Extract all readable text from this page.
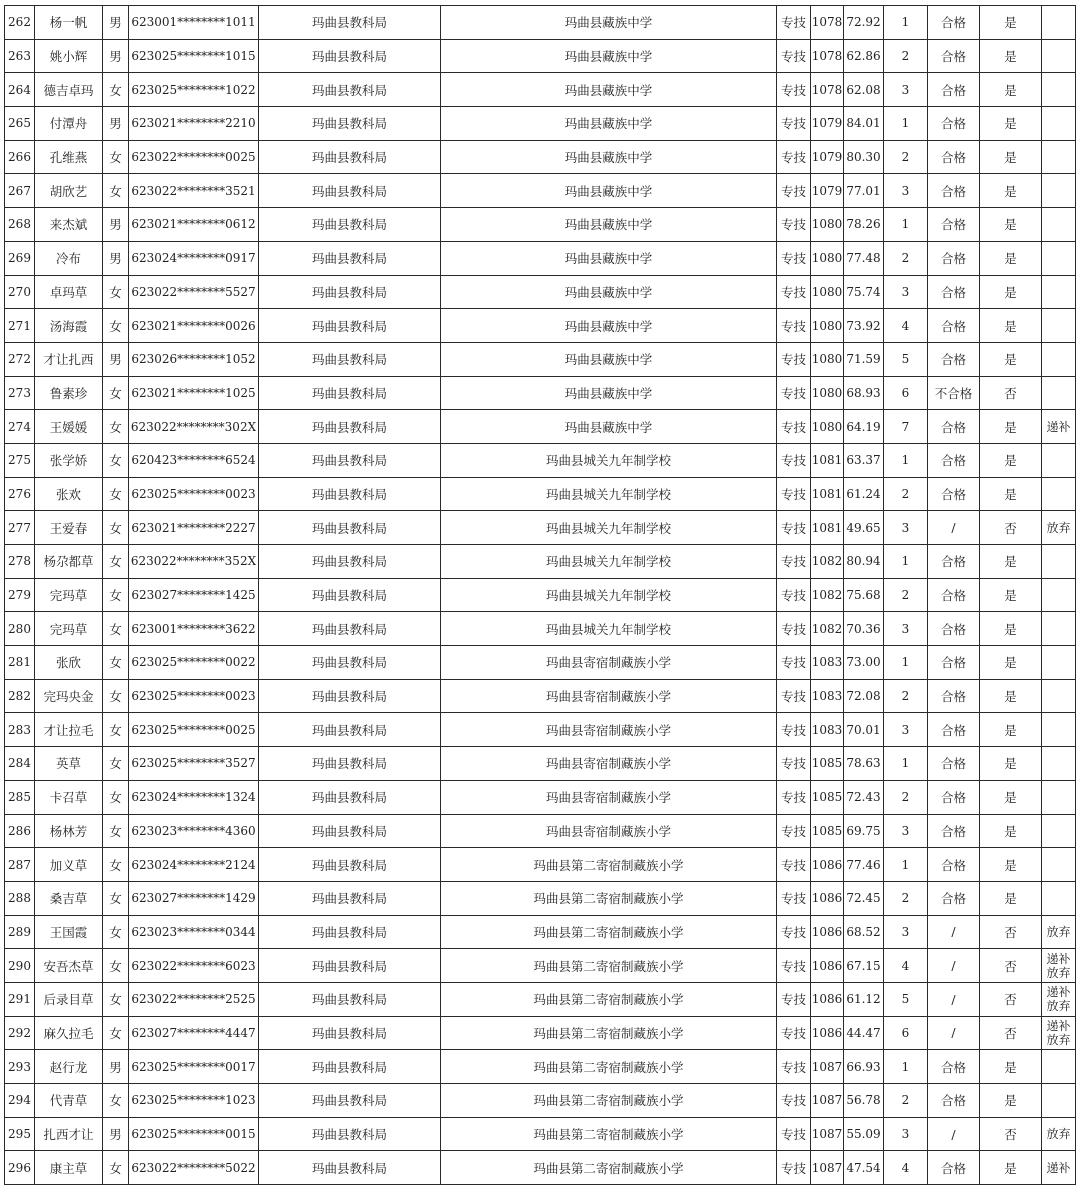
262	杨一帆	男	623001********1011	玛曲县教科局	玛曲县藏族中学	专技	1078	72.92	1	合格	是	
263	姚小辉	男	623025********1015	玛曲县教科局	玛曲县藏族中学	专技	1078	62.86	2	合格	是	
264	德吉卓玛	女	623025********1022	玛曲县教科局	玛曲县藏族中学	专技	1078	62.08	3	合格	是	
265	付潭舟	男	623021********2210	玛曲县教科局	玛曲县藏族中学	专技	1079	84.01	1	合格	是	
266	孔维燕	女	623022********0025	玛曲县教科局	玛曲县藏族中学	专技	1079	80.30	2	合格	是	
267	胡欣艺	女	623022********3521	玛曲县教科局	玛曲县藏族中学	专技	1079	77.01	3	合格	是	
268	来杰斌	男	623021********0612	玛曲县教科局	玛曲县藏族中学	专技	1080	78.26	1	合格	是	
269	冷布	男	623024********0917	玛曲县教科局	玛曲县藏族中学	专技	1080	77.48	2	合格	是	
270	卓玛草	女	623022********5527	玛曲县教科局	玛曲县藏族中学	专技	1080	75.74	3	合格	是	
271	汤海霞	女	623021********0026	玛曲县教科局	玛曲县藏族中学	专技	1080	73.92	4	合格	是	
272	才让扎西	男	623026********1052	玛曲县教科局	玛曲县藏族中学	专技	1080	71.59	5	合格	是	
273	鲁素珍	女	623021********1025	玛曲县教科局	玛曲县藏族中学	专技	1080	68.93	6	不合格	否	
274	王媛媛	女	623022********302X	玛曲县教科局	玛曲县藏族中学	专技	1080	64.19	7	合格	是	递补
275	张学娇	女	620423********6524	玛曲县教科局	玛曲县城关九年制学校	专技	1081	63.37	1	合格	是	
276	张欢	女	623025********0023	玛曲县教科局	玛曲县城关九年制学校	专技	1081	61.24	2	合格	是	
277	王爱春	女	623021********2227	玛曲县教科局	玛曲县城关九年制学校	专技	1081	49.65	3	/	否	放弃
278	杨尕都草	女	623022********352X	玛曲县教科局	玛曲县城关九年制学校	专技	1082	80.94	1	合格	是	
279	完玛草	女	623027********1425	玛曲县教科局	玛曲县城关九年制学校	专技	1082	75.68	2	合格	是	
280	完玛草	女	623001********3622	玛曲县教科局	玛曲县城关九年制学校	专技	1082	70.36	3	合格	是	
281	张欣	女	623025********0022	玛曲县教科局	玛曲县寄宿制藏族小学	专技	1083	73.00	1	合格	是	
282	完玛央金	女	623025********0023	玛曲县教科局	玛曲县寄宿制藏族小学	专技	1083	72.08	2	合格	是	
283	才让拉毛	女	623025********0025	玛曲县教科局	玛曲县寄宿制藏族小学	专技	1083	70.01	3	合格	是	
284	英草	女	623025********3527	玛曲县教科局	玛曲县寄宿制藏族小学	专技	1085	78.63	1	合格	是	
285	卡召草	女	623024********1324	玛曲县教科局	玛曲县寄宿制藏族小学	专技	1085	72.43	2	合格	是	
286	杨林芳	女	623023********4360	玛曲县教科局	玛曲县寄宿制藏族小学	专技	1085	69.75	3	合格	是	
287	加义草	女	623024********2124	玛曲县教科局	玛曲县第二寄宿制藏族小学	专技	1086	77.46	1	合格	是	
288	桑吉草	女	623027********1429	玛曲县教科局	玛曲县第二寄宿制藏族小学	专技	1086	72.45	2	合格	是	
289	王国霞	女	623023********0344	玛曲县教科局	玛曲县第二寄宿制藏族小学	专技	1086	68.52	3	/	否	放弃
290	安吾杰草	女	623022********6023	玛曲县教科局	玛曲县第二寄宿制藏族小学	专技	1086	67.15	4	/	否	递补放弃
291	后录目草	女	623022********2525	玛曲县教科局	玛曲县第二寄宿制藏族小学	专技	1086	61.12	5	/	否	递补放弃
292	麻久拉毛	女	623027********4447	玛曲县教科局	玛曲县第二寄宿制藏族小学	专技	1086	44.47	6	/	否	递补放弃
293	赵行龙	男	623025********0017	玛曲县教科局	玛曲县第二寄宿制藏族小学	专技	1087	66.93	1	合格	是	
294	代青草	女	623025********1023	玛曲县教科局	玛曲县第二寄宿制藏族小学	专技	1087	56.78	2	合格	是	
295	扎西才让	男	623025********0015	玛曲县教科局	玛曲县第二寄宿制藏族小学	专技	1087	55.09	3	/	否	放弃
296	康主草	女	623022********5022	玛曲县教科局	玛曲县第二寄宿制藏族小学	专技	1087	47.54	4	合格	是	递补
